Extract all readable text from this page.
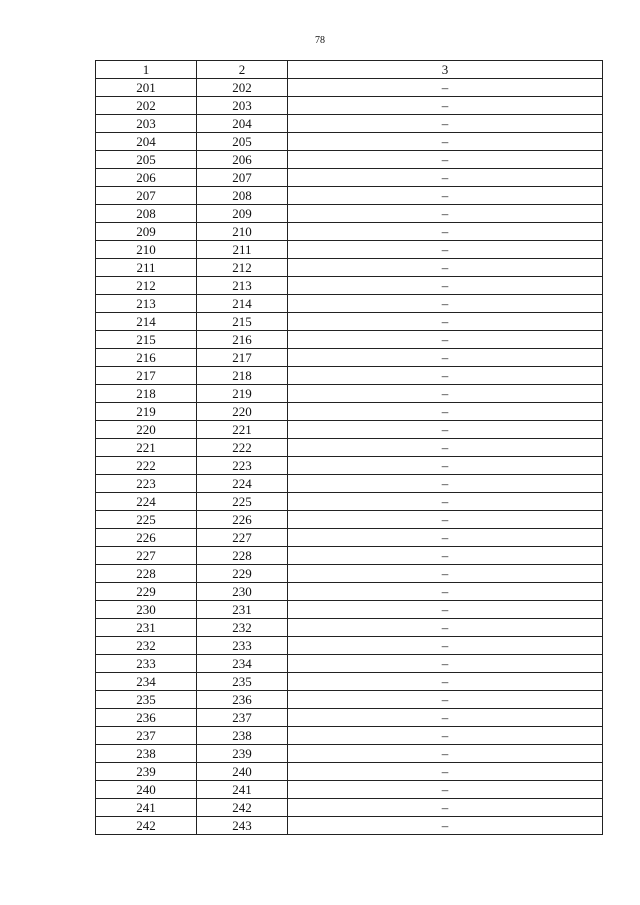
78
1	2	3
201	202	–
202	203	–
203	204	–
204	205	–
205	206	–
206	207	–
207	208	–
208	209	–
209	210	–
210	211	–
211	212	–
212	213	–
213	214	–
214	215	–
215	216	–
216	217	–
217	218	–
218	219	–
219	220	–
220	221	–
221	222	–
222	223	–
223	224	–
224	225	–
225	226	–
226	227	–
227	228	–
228	229	–
229	230	–
230	231	–
231	232	–
232	233	–
233	234	–
234	235	–
235	236	–
236	237	–
237	238	–
238	239	–
239	240	–
240	241	–
241	242	–
242	243	–
